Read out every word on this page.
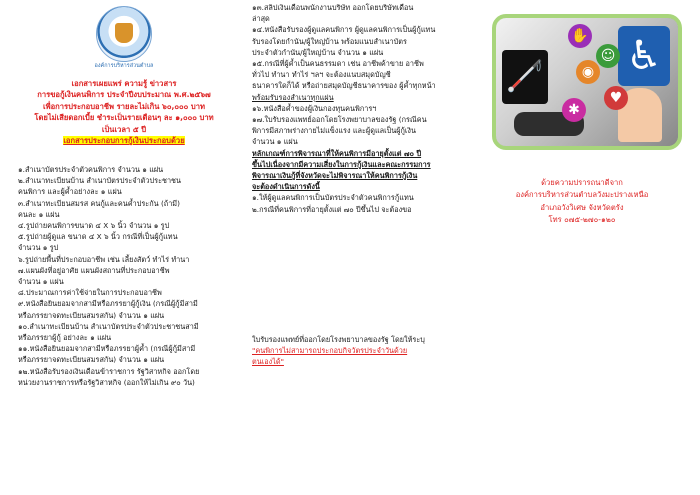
องค์การบริหารส่วนตำบล

เอกสารเผยแพร่ ความรู้ ข่าวสาร

การขอกู้เงินคนพิการ ประจำปีงบประมาณ พ.ศ.๒๕๖๗

เพื่อการประกอบอาชีพ รายละไม่เกิน ๖๐,๐๐๐ บาท

โดยไม่เสียดอกเบี้ย ชำระเป็นรายเดือนๆ ละ ๑,๐๐๐ บาท

เป็นเวลา ๕ ปี

เอกสารประกอบการกู้เงินประกอบด้วย

๑.สำเนาบัตรประจำตัวคนพิการ จำนวน ๑ แผ่น

๒.สำเนาทะเบียนบ้าน สำเนาบัตรประจำตัวประชาชน

คนพิการ และผู้ค้ำอย่างละ ๑ แผ่น

๓.สำเนาทะเบียนสมรส คนกู้และคนค้ำประกัน (ถ้ามี)

คนละ ๑ แผ่น

๔.รูปถ่ายคนพิการขนาด ๔ X ๖ นิ้ว จำนวน ๑ รูป

๕.รูปถ่ายผู้ดูแล ขนาด ๔ X ๖ นิ้ว กรณีที่เป็นผู้กู้แทน

จำนวน ๑ รูป

๖.รูปถ่ายพื้นที่ประกอบอาชีพ เช่น เลี้ยงสัตว์ ทำไร่ ทำนา

๗.แผนผังที่อยู่อาศัย แผนผังสถานที่ประกอบอาชีพ

จำนวน ๑ แผ่น

๘.ประมาณการค่าใช้จ่ายในการประกอบอาชีพ

๙.หนังสือยินยอมจากสามีหรือภรรยาผู้กู้เงิน (กรณีผู้กู้มีสามี

หรือภรรยาจดทะเบียนสมรสกัน) จำนวน ๑ แผ่น

๑๐.สำเนาทะเบียนบ้าน สำเนาบัตรประจำตัวประชาชนสามี

หรือภรรยาผู้กู้ อย่างละ ๑ แผ่น

๑๑.หนังสือยินยอมจากสามีหรือภรรยาผู้ค้ำ (กรณีผู้กู้มีสามี

หรือภรรยาจดทะเบียนสมรสกัน) จำนวน ๑ แผ่น

๑๒.หนังสือรับรองเงินเดือนข้าราชการ รัฐวิสาหกิจ ออกโดย

หน่วยงานราชการหรือรัฐวิสาหกิจ (ออกให้ไม่เกิน ๙๐ วัน)

๑๓.สลิปเงินเดือนพนักงานบริษัท ออกโดยบริษัทเดือน

ล่าสุด

๑๔.หนังสือรับรองผู้ดูแลคนพิการ ผู้ดูแลคนพิการเป็นผู้กู้แทน

รับรองโดยกำนัน/ผู้ใหญ่บ้าน พร้อมแนบสำเนาบัตร

ประจำตัวกำนัน/ผู้ใหญ่บ้าน จำนวน ๑ แผ่น

๑๕.กรณีที่ผู้ค้ำเป็นคนธรรมดา เช่น อาชีพค้าขาย อาชีพ

ทั่วไป ทำนา ทำไร่ ฯลฯ จะต้องแนบสมุดบัญชี

ธนาคารใดก็ได้ หรือถ่ายสมุดบัญชีธนาคารของ ผู้ค้ำทุกหน้า

พร้อมรับรองสำเนาทุกแผ่น

๑๖.หนังสือค้ำของผู้เงินกองทุนคนพิการฯ

๑๗.ใบรับรองแพทย์ออกโดยโรงพยาบาลของรัฐ (กรณีคน

พิการมีสภาพร่างกายไม่แข็งแรง และผู้ดูแลเป็นผู้กู้เงิน

จำนวน ๑ แผ่น

หลักเกณฑ์การพิจารณาที่ให้คนพิการมีอายุตั้งแต่ ๗๐ ปี

ขึ้นไปเนื่องจากมีความเสี่ยงในการกู้เงินและคณะกรรมการ

พิจารณาเงินกู้ที่จังหวัดจะไม่พิจารณาให้คนพิการกู้เงิน

จะต้องดำเนินการดังนี้

๑.ให้ผู้ดูแลคนพิการเป็นบัตรประจำตัวคนพิการกู้แทน

๒.กรณีที่คนพิการที่อายุตั้งแต่ ๗๐ ปีขึ้นไป จะต้องขอ

ใบรับรองแพทย์ที่ออกโดยโรงพยาบาลของรัฐ โดยให้ระบุ

"คนพิการไม่สามารถประกอบกิจวัตรประจำวันด้วย

ตนเองได้"

♿
🦯
✋
☺
◉
✱
♥

ด้วยความปรารถนาดีจาก

องค์การบริหารส่วนตำบลวังมะปรางเหนือ

อำเภอวังวิเศษ จังหวัดตรัง

โทร ๐๗๕-๒๗๐-๑๒๐
